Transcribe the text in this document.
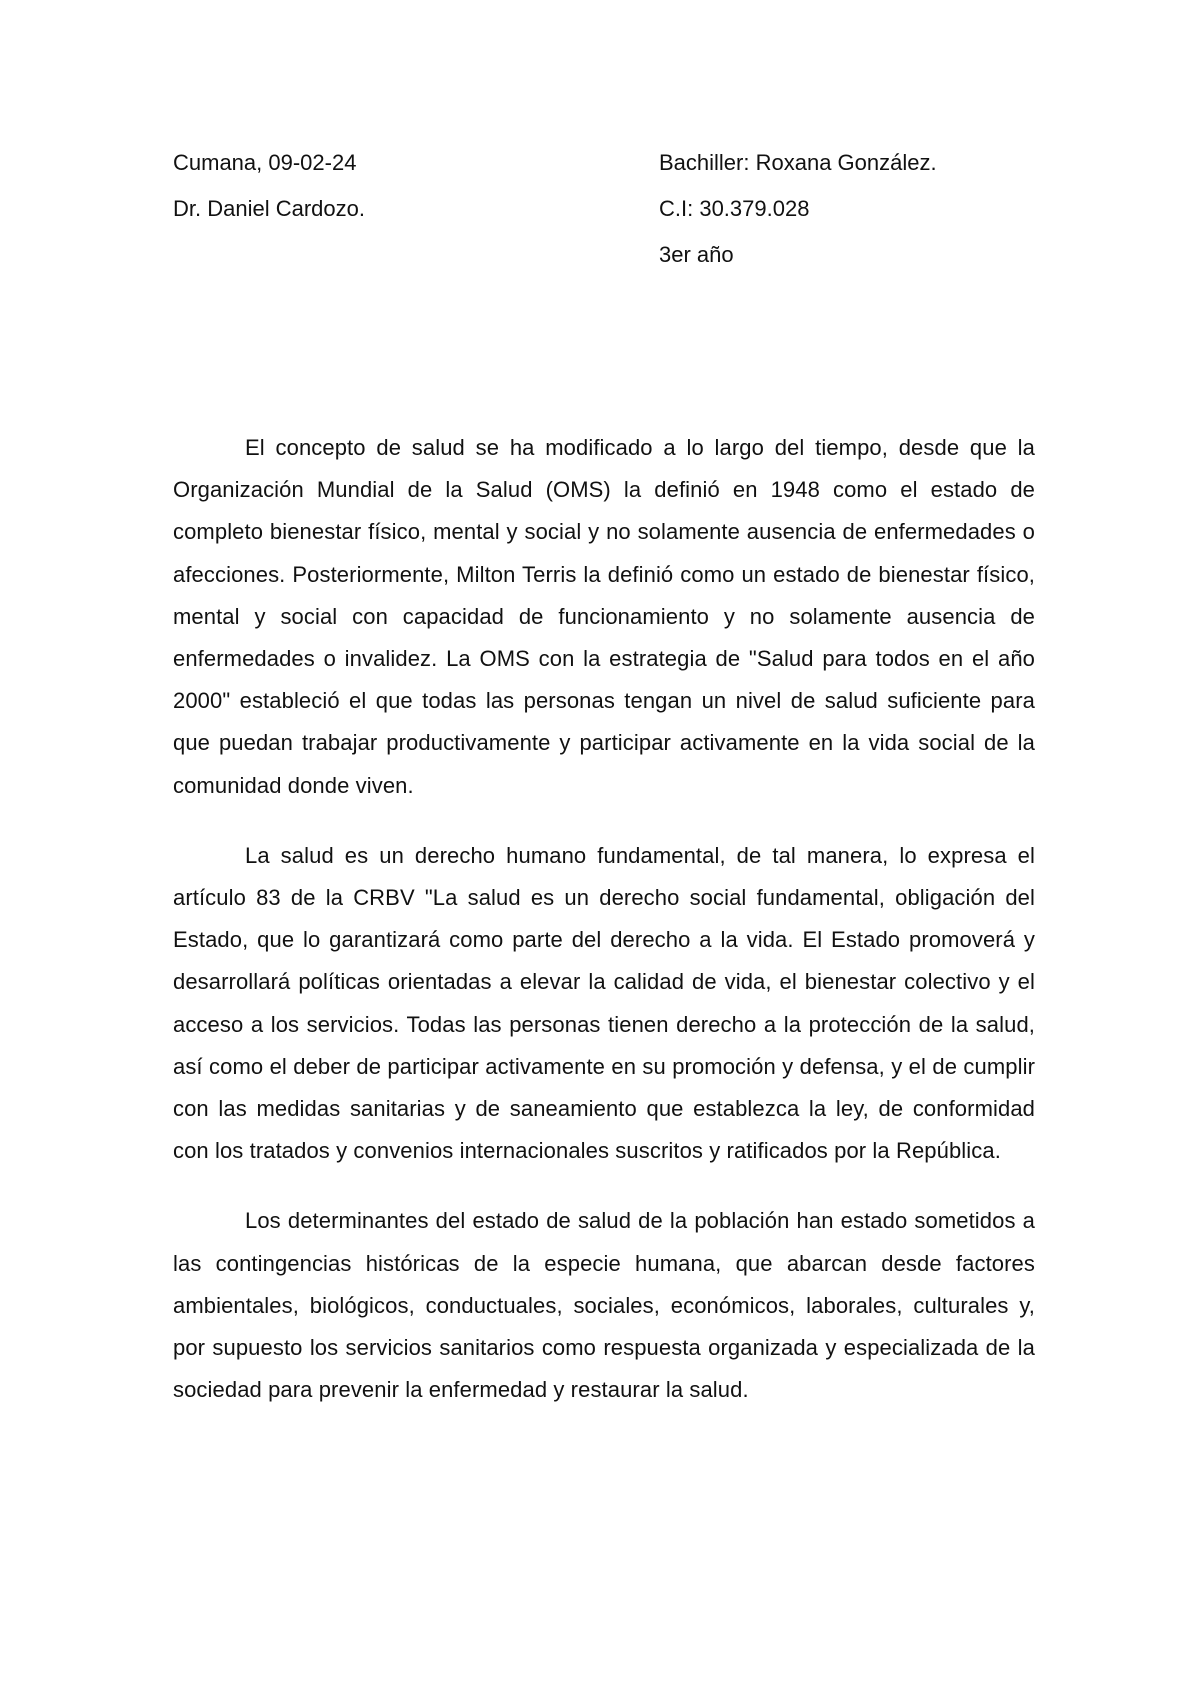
Cumana, 09-02-24
Dr. Daniel Cardozo.
Bachiller: Roxana González.
C.I: 30.379.028
3er año

El concepto de salud se ha modificado a lo largo del tiempo, desde que la Organización Mundial de la Salud (OMS) la definió en 1948 como el estado de completo bienestar físico, mental y social y no solamente ausencia de enfermedades o afecciones. Posteriormente, Milton Terris la definió como un estado de bienestar físico, mental y social con capacidad de funcionamiento y no solamente ausencia de enfermedades o invalidez. La OMS con la estrategia de "Salud para todos en el año 2000" estableció el que todas las personas tengan un nivel de salud suficiente para que puedan trabajar productivamente y participar activamente en la vida social de la comunidad donde viven.

La salud es un derecho humano fundamental, de tal manera, lo expresa el artículo 83 de la CRBV "La salud es un derecho social fundamental, obligación del Estado, que lo garantizará como parte del derecho a la vida. El Estado promoverá y desarrollará políticas orientadas a elevar la calidad de vida, el bienestar colectivo y el acceso a los servicios. Todas las personas tienen derecho a la protección de la salud, así como el deber de participar activamente en su promoción y defensa, y el de cumplir con las medidas sanitarias y de saneamiento que establezca la ley, de conformidad con los tratados y convenios internacionales suscritos y ratificados por la República.

Los determinantes del estado de salud de la población han estado sometidos a las contingencias históricas de la especie humana, que abarcan desde factores ambientales, biológicos, conductuales, sociales, económicos, laborales, culturales y, por supuesto los servicios sanitarios como respuesta organizada y especializada de la sociedad para prevenir la enfermedad y restaurar la salud.
